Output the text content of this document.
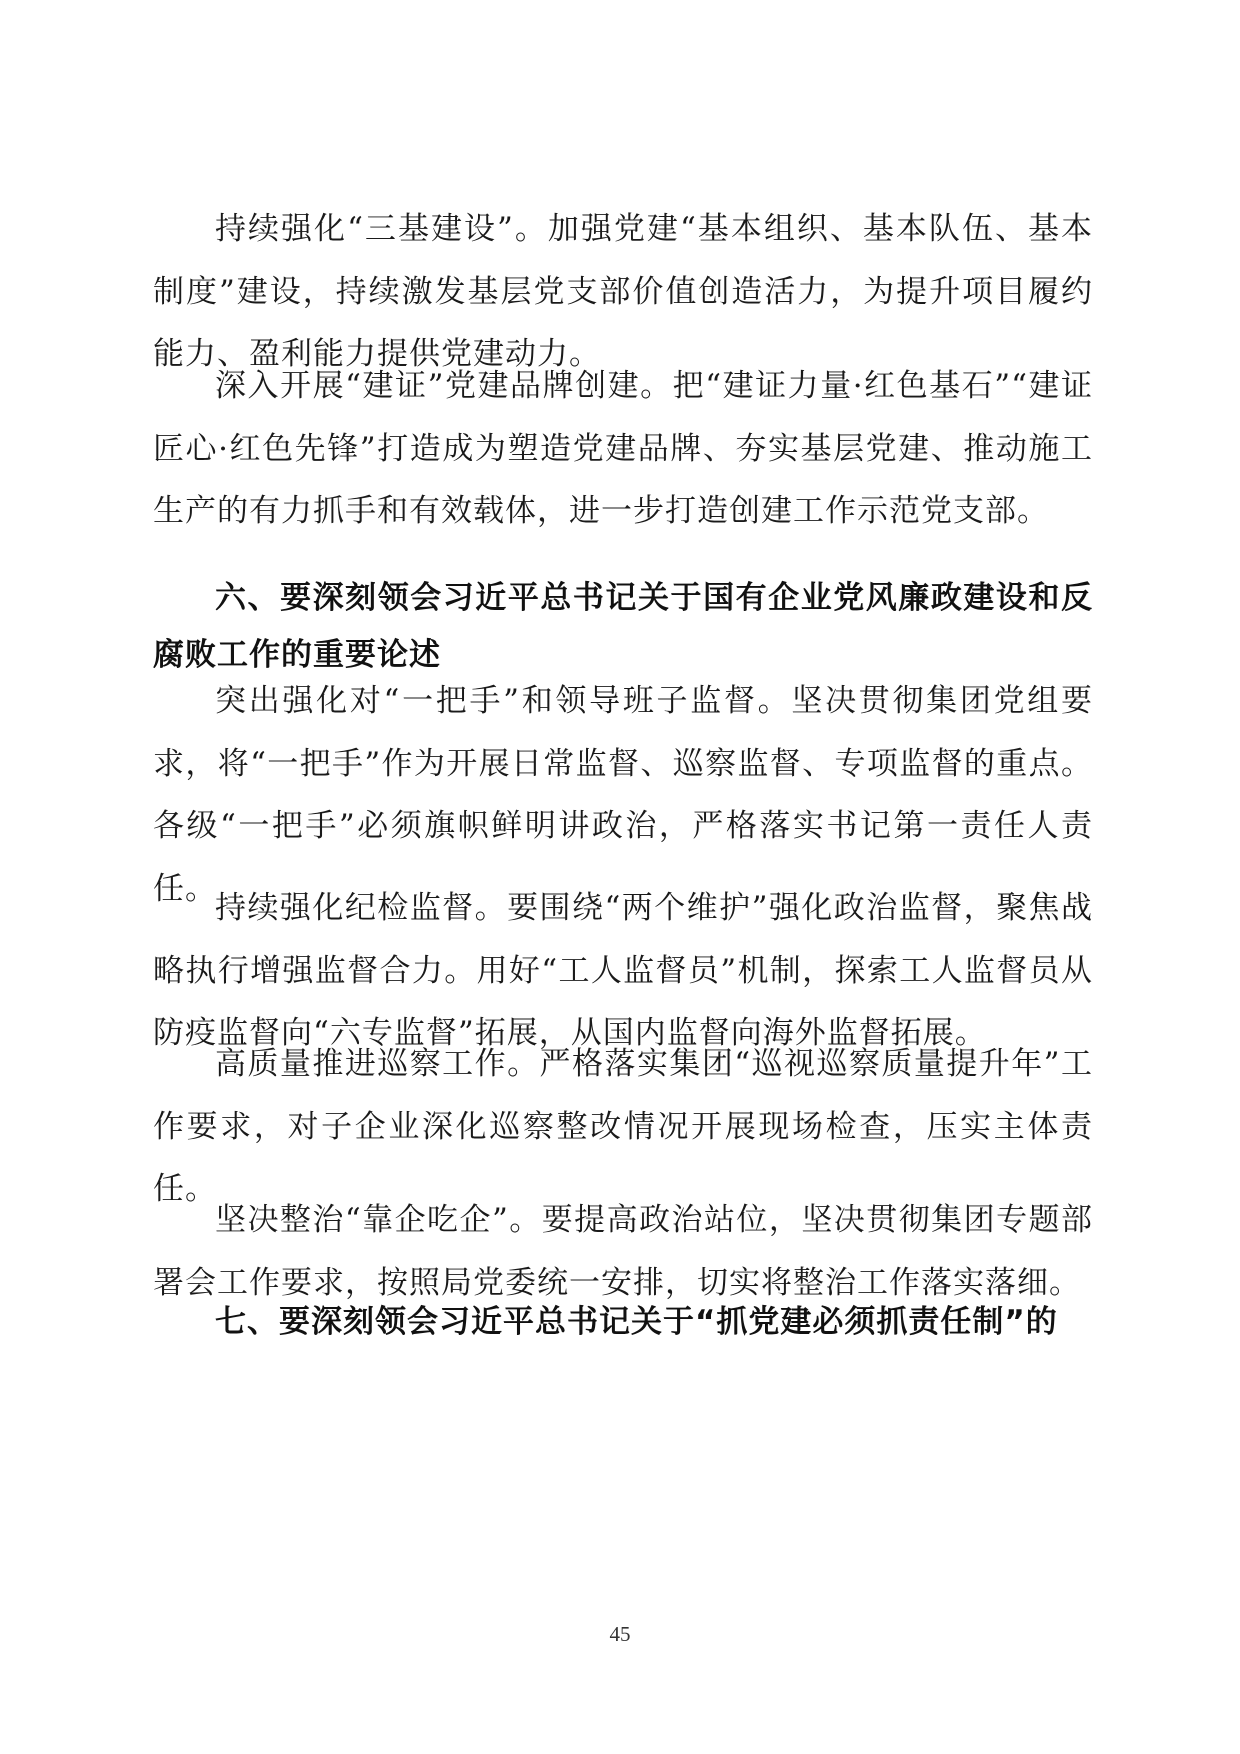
持续强化“三基建设”。加强党建“基本组织、基本队伍、基本制度”建设，持续激发基层党支部价值创造活力，为提升项目履约能力、盈利能力提供党建动力。

深入开展“建证”党建品牌创建。把“建证力量·红色基石”“建证匠心·红色先锋”打造成为塑造党建品牌、夯实基层党建、推动施工生产的有力抓手和有效载体，进一步打造创建工作示范党支部。

六、要深刻领会习近平总书记关于国有企业党风廉政建设和反腐败工作的重要论述

突出强化对“一把手”和领导班子监督。坚决贯彻集团党组要求，将“一把手”作为开展日常监督、巡察监督、专项监督的重点。各级“一把手”必须旗帜鲜明讲政治，严格落实书记第一责任人责任。

持续强化纪检监督。要围绕“两个维护”强化政治监督，聚焦战略执行增强监督合力。用好“工人监督员”机制，探索工人监督员从防疫监督向“六专监督”拓展，从国内监督向海外监督拓展。

高质量推进巡察工作。严格落实集团“巡视巡察质量提升年”工作要求，对子企业深化巡察整改情况开展现场检查，压实主体责任。

坚决整治“靠企吃企”。要提高政治站位，坚决贯彻集团专题部署会工作要求，按照局党委统一安排，切实将整治工作落实落细。

七、要深刻领会习近平总书记关于“抓党建必须抓责任制”的

45
